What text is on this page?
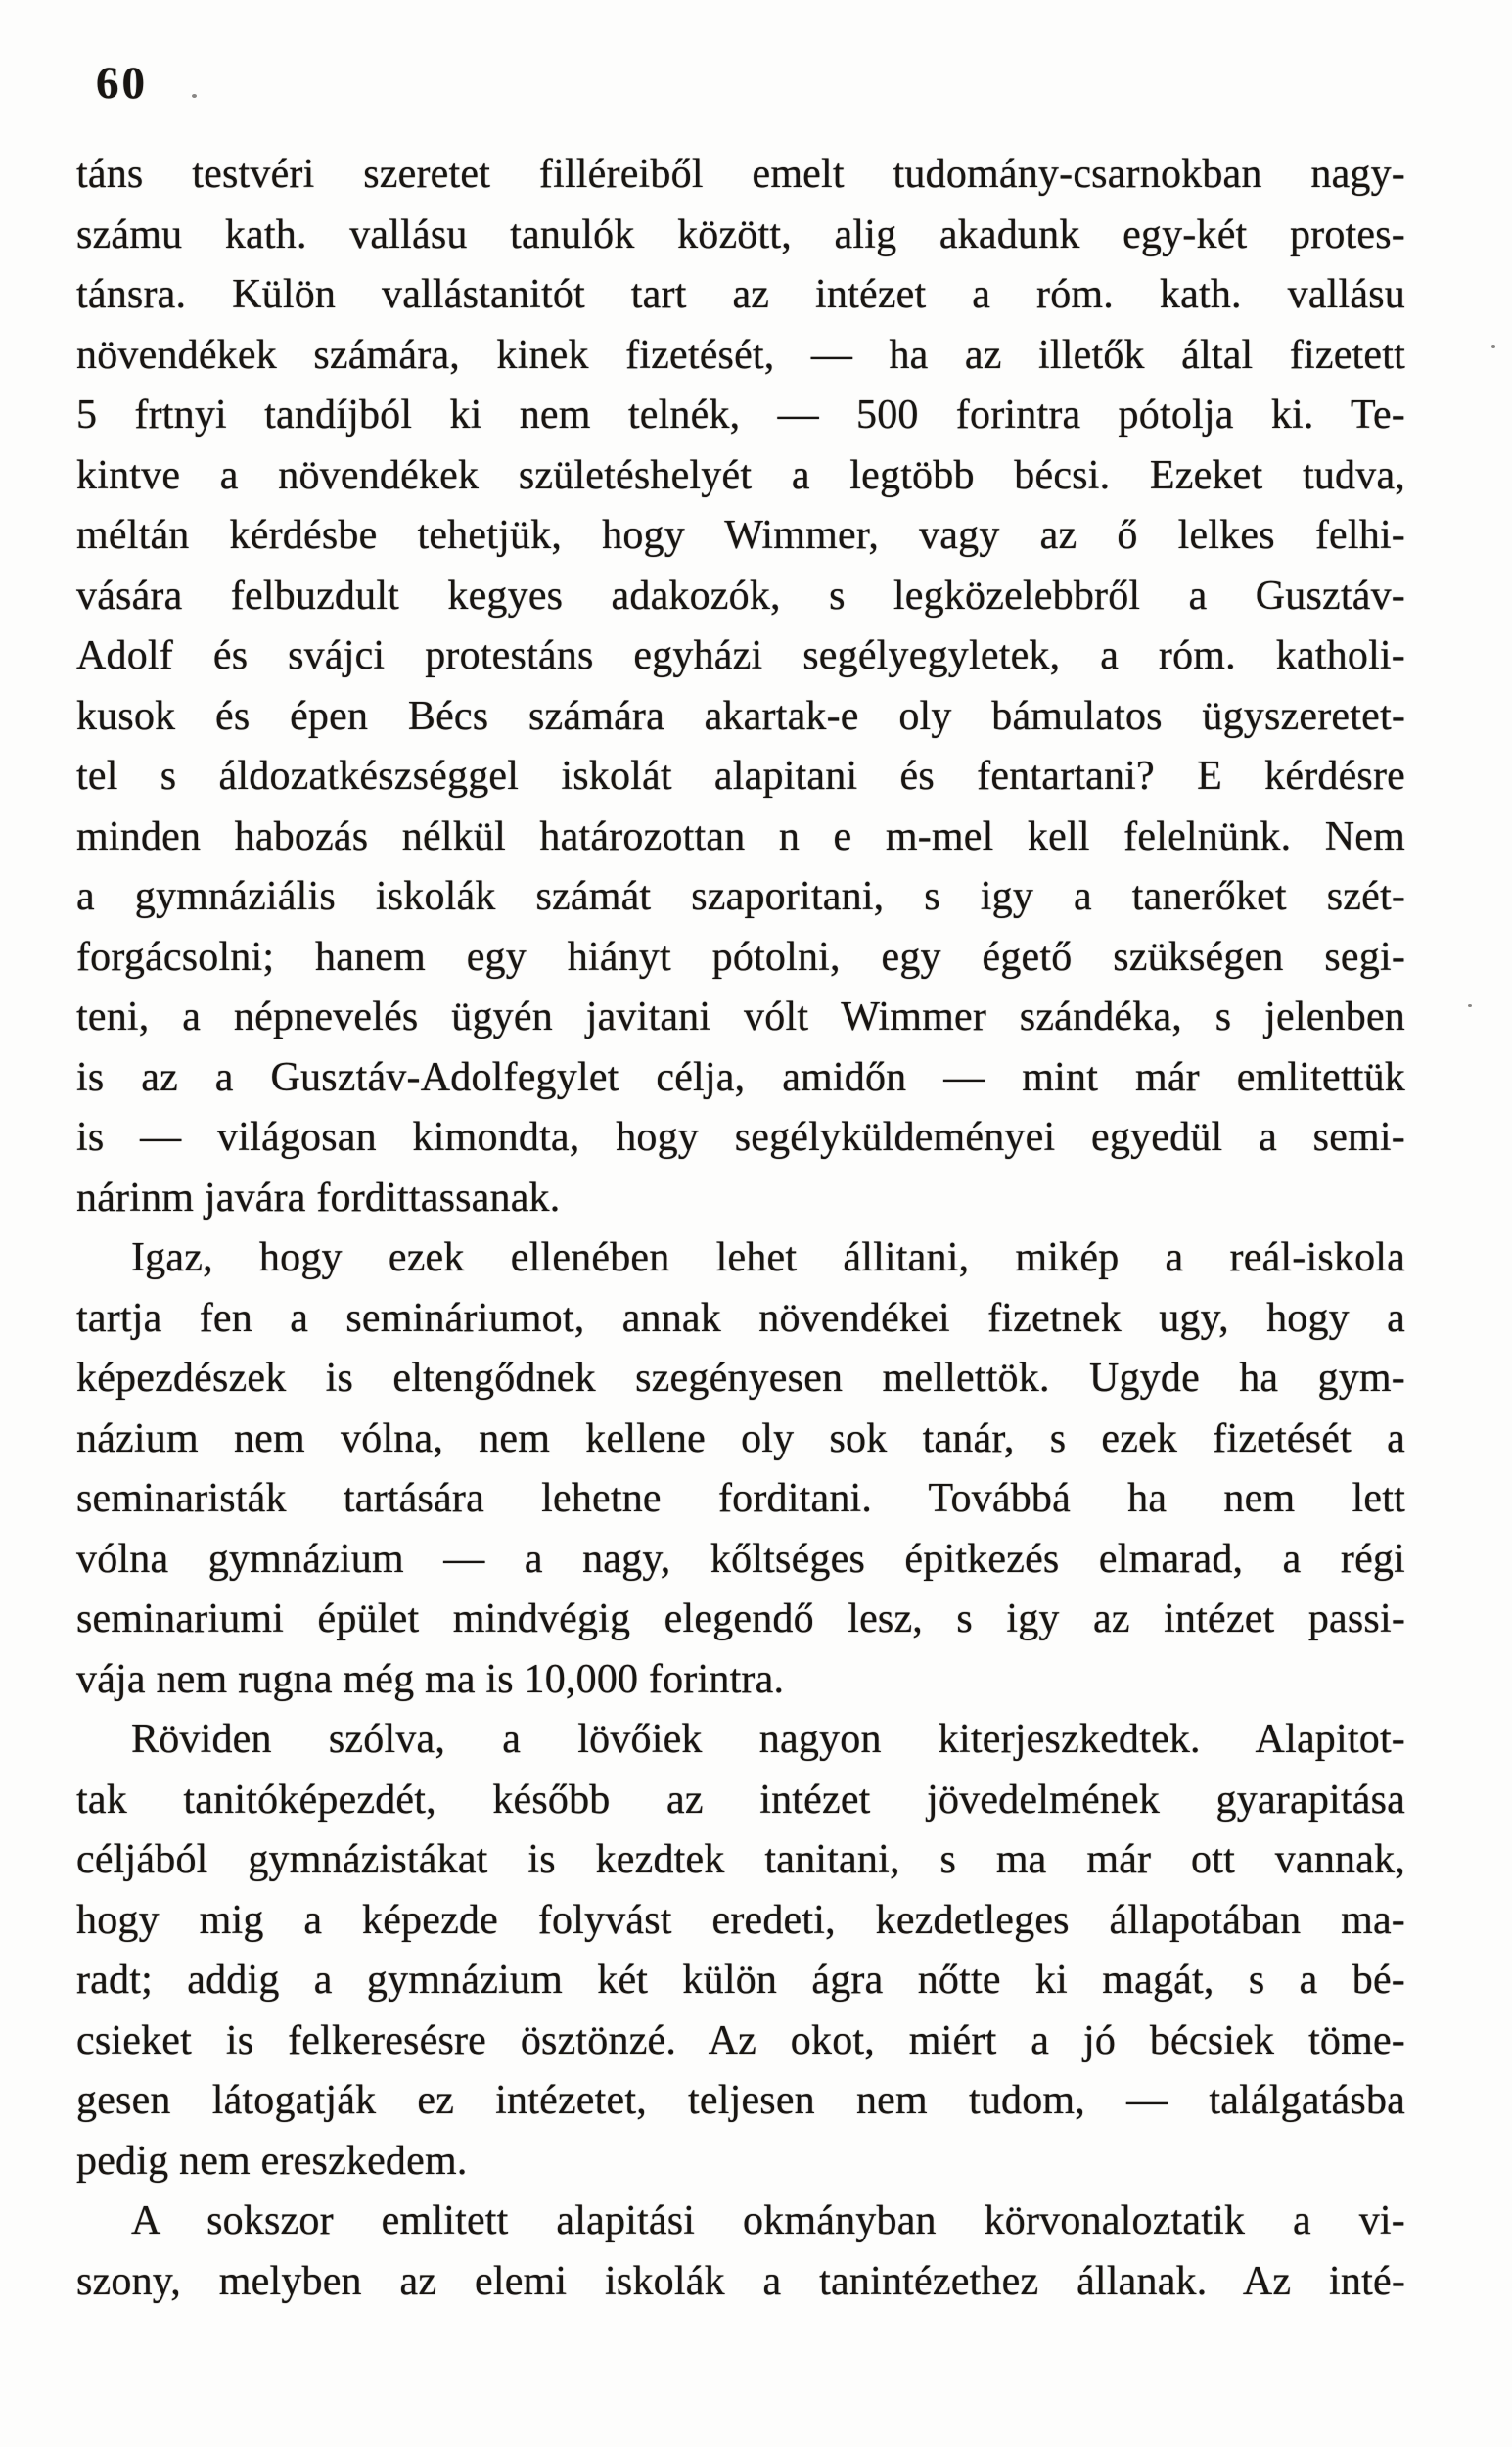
60
táns testvéri szeretet filléreiből emelt tudomány-csarnokban nagy-
számu kath. vallásu tanulók között, alig akadunk egy-két protes-
tánsra. Külön vallástanitót tart az intézet a róm. kath. vallásu
növendékek számára, kinek fizetését, — ha az illetők által fizetett
5 frtnyi tandíjból ki nem telnék, — 500 forintra pótolja ki. Te-
kintve a növendékek születéshelyét a legtöbb bécsi. Ezeket tudva,
méltán kérdésbe tehetjük, hogy Wimmer, vagy az ő lelkes felhi-
vására felbuzdult kegyes adakozók, s legközelebbről a Gusztáv-
Adolf és svájci protestáns egyházi segélyegyletek, a róm. katholi-
kusok és épen Bécs számára akartak-e oly bámulatos ügyszeretet-
tel s áldozatkészséggel iskolát alapitani és fentartani? E kérdésre
minden habozás nélkül határozottan n e m-mel kell felelnünk. Nem
a gymnáziális iskolák számát szaporitani, s igy a tanerőket szét-
forgácsolni; hanem egy hiányt pótolni, egy égető szükségen segi-
teni, a népnevelés ügyén javitani vólt Wimmer szándéka, s jelenben
is az a Gusztáv-Adolfegylet célja, amidőn — mint már emlitettük
is — világosan kimondta, hogy segélyküldeményei egyedül a semi-
nárinm javára fordittassanak.
Igaz, hogy ezek ellenében lehet állitani, mikép a reál-iskola
tartja fen a semináriumot, annak növendékei fizetnek ugy, hogy a
képezdészek is eltengődnek szegényesen mellettök. Ugyde ha gym-
názium nem vólna, nem kellene oly sok tanár, s ezek fizetését a
seminaristák tartására lehetne forditani. Továbbá ha nem lett
vólna gymnázium — a nagy, kőltséges épitkezés elmarad, a régi
seminariumi épület mindvégig elegendő lesz, s igy az intézet passi-
vája nem rugna még ma is 10,000 forintra.
Röviden szólva, a lövőiek nagyon kiterjeszkedtek. Alapitot-
tak tanitóképezdét, később az intézet jövedelmének gyarapitása
céljából gymnázistákat is kezdtek tanitani, s ma már ott vannak,
hogy mig a képezde folyvást eredeti, kezdetleges állapotában ma-
radt; addig a gymnázium két külön ágra nőtte ki magát, s a bé-
csieket is felkeresésre ösztönzé. Az okot, miért a jó bécsiek töme-
gesen látogatják ez intézetet, teljesen nem tudom, — találgatásba
pedig nem ereszkedem.
A sokszor emlitett alapitási okmányban körvonaloztatik a vi-
szony, melyben az elemi iskolák a tanintézethez állanak. Az inté-
